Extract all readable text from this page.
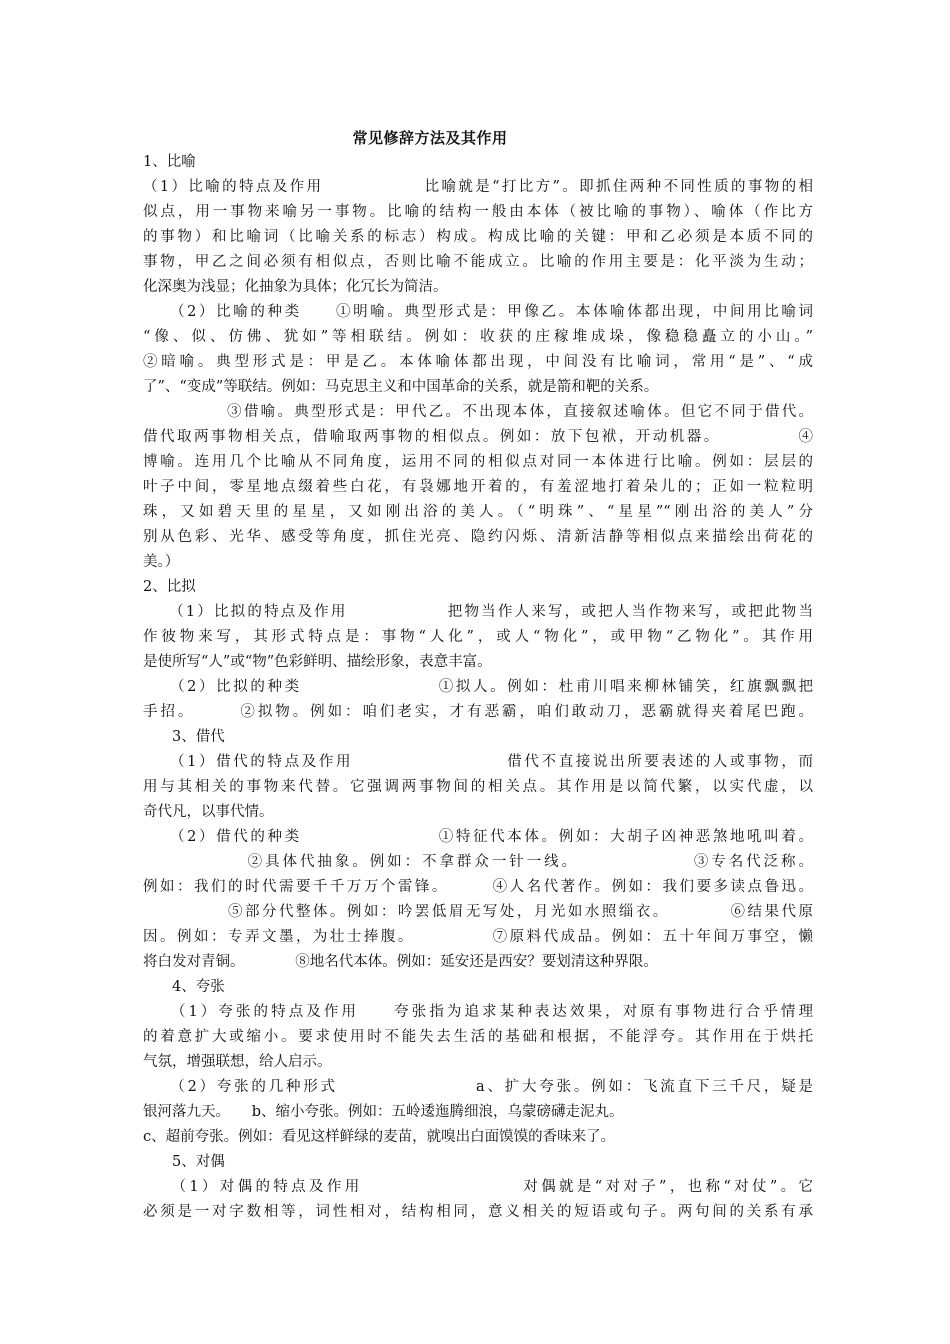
常见修辞方法及其作用
1、比喻
（1）比喻的特点及作用　　　　　　比喻就是“打比方”。即抓住两种不同性质的事物的相
似点，用一事物来喻另一事物。比喻的结构一般由本体（被比喻的事物）、喻体（作比方
的事物）和比喻词（比喻关系的标志）构成。构成比喻的关键：甲和乙必须是本质不同的
事物，甲乙之间必须有相似点，否则比喻不能成立。比喻的作用主要是：化平淡为生动；
化深奥为浅显；化抽象为具体；化冗长为简洁。
　　（2）比喻的种类　　①明喻。典型形式是：甲像乙。本体喻体都出现，中间用比喻词
“像、似、仿佛、犹如”等相联结。例如：收获的庄稼堆成垛，像稳稳矗立的小山。”
②暗喻。典型形式是：甲是乙。本体喻体都出现，中间没有比喻词，常用“是”、“成
了”、“变成”等联结。例如：马克思主义和中国革命的关系，就是箭和靶的关系。
　　　　　③借喻。典型形式是：甲代乙。不出现本体，直接叙述喻体。但它不同于借代。
借代取两事物相关点，借喻取两事物的相似点。例如：放下包袱，开动机器。　　　　　④
博喻。连用几个比喻从不同角度，运用不同的相似点对同一本体进行比喻。例如：层层的
叶子中间，零星地点缀着些白花，有袅娜地开着的，有羞涩地打着朵儿的；正如一粒粒明
珠，又如碧天里的星星，又如刚出浴的美人。（“明珠”、“星星”“刚出浴的美人”分
别从色彩、光华、感受等角度，抓住光亮、隐约闪烁、清新洁静等相似点来描绘出荷花的
美。）
2、比拟
　　（1）比拟的特点及作用　　　　　　把物当作人来写，或把人当作物来写，或把此物当
作彼物来写，其形式特点是：事物“人化”，或人“物化”，或甲物“乙物化”。其作用
是使所写“人”或“物”色彩鲜明、描绘形象，表意丰富。
　　（2）比拟的种类　　　　　　　　①拟人。例如：杜甫川唱来柳林铺笑，红旗飘飘把
手招。　　　②拟物。例如：咱们老实，才有恶霸，咱们敢动刀，恶霸就得夹着尾巴跑。
　　3、借代
　　（1）借代的特点及作用　　　　　　　　　借代不直接说出所要表述的人或事物，而
用与其相关的事物来代替。它强调两事物间的相关点。其作用是以简代繁，以实代虚，以
奇代凡，以事代情。
　　（2）借代的种类　　　　　　　　①特征代本体。例如：大胡子凶神恶煞地吼叫着。
　　　　　　②具体代抽象。例如：不拿群众一针一线。　　　　　　　③专名代泛称。
例如：我们的时代需要千千万万个雷锋。　　　④人名代著作。例如：我们要多读点鲁迅。
　　　　　⑤部分代整体。例如：吟罢低眉无写处，月光如水照缁衣。　　　　⑥结果代原
因。例如：专弄文墨，为壮士捧腹。　　　　　⑦原料代成品。例如：五十年间万事空，懒
将白发对青铜。　　　　⑧地名代本体。例如：延安还是西安？要划清这种界限。
　　4、夸张
　　（1）夸张的特点及作用　　夸张指为追求某种表达效果，对原有事物进行合乎情理
的着意扩大或缩小。要求使用时不能失去生活的基础和根据，不能浮夸。其作用在于烘托
气氛，增强联想，给人启示。
　　（2）夸张的几种形式　　　　　　　　a、扩大夸张。例如：飞流直下三千尺，疑是
银河落九天。　　b、缩小夸张。例如：五岭逶迤腾细浪，乌蒙磅礴走泥丸。
c、超前夸张。例如：看见这样鲜绿的麦苗，就嗅出白面馍馍的香味来了。
　　5、对偶
　　（1）对偶的特点及作用　　　　　　　　　对偶就是“对对子”，也称“对仗”。它
必须是一对字数相等，词性相对，结构相同，意义相关的短语或句子。两句间的关系有承
